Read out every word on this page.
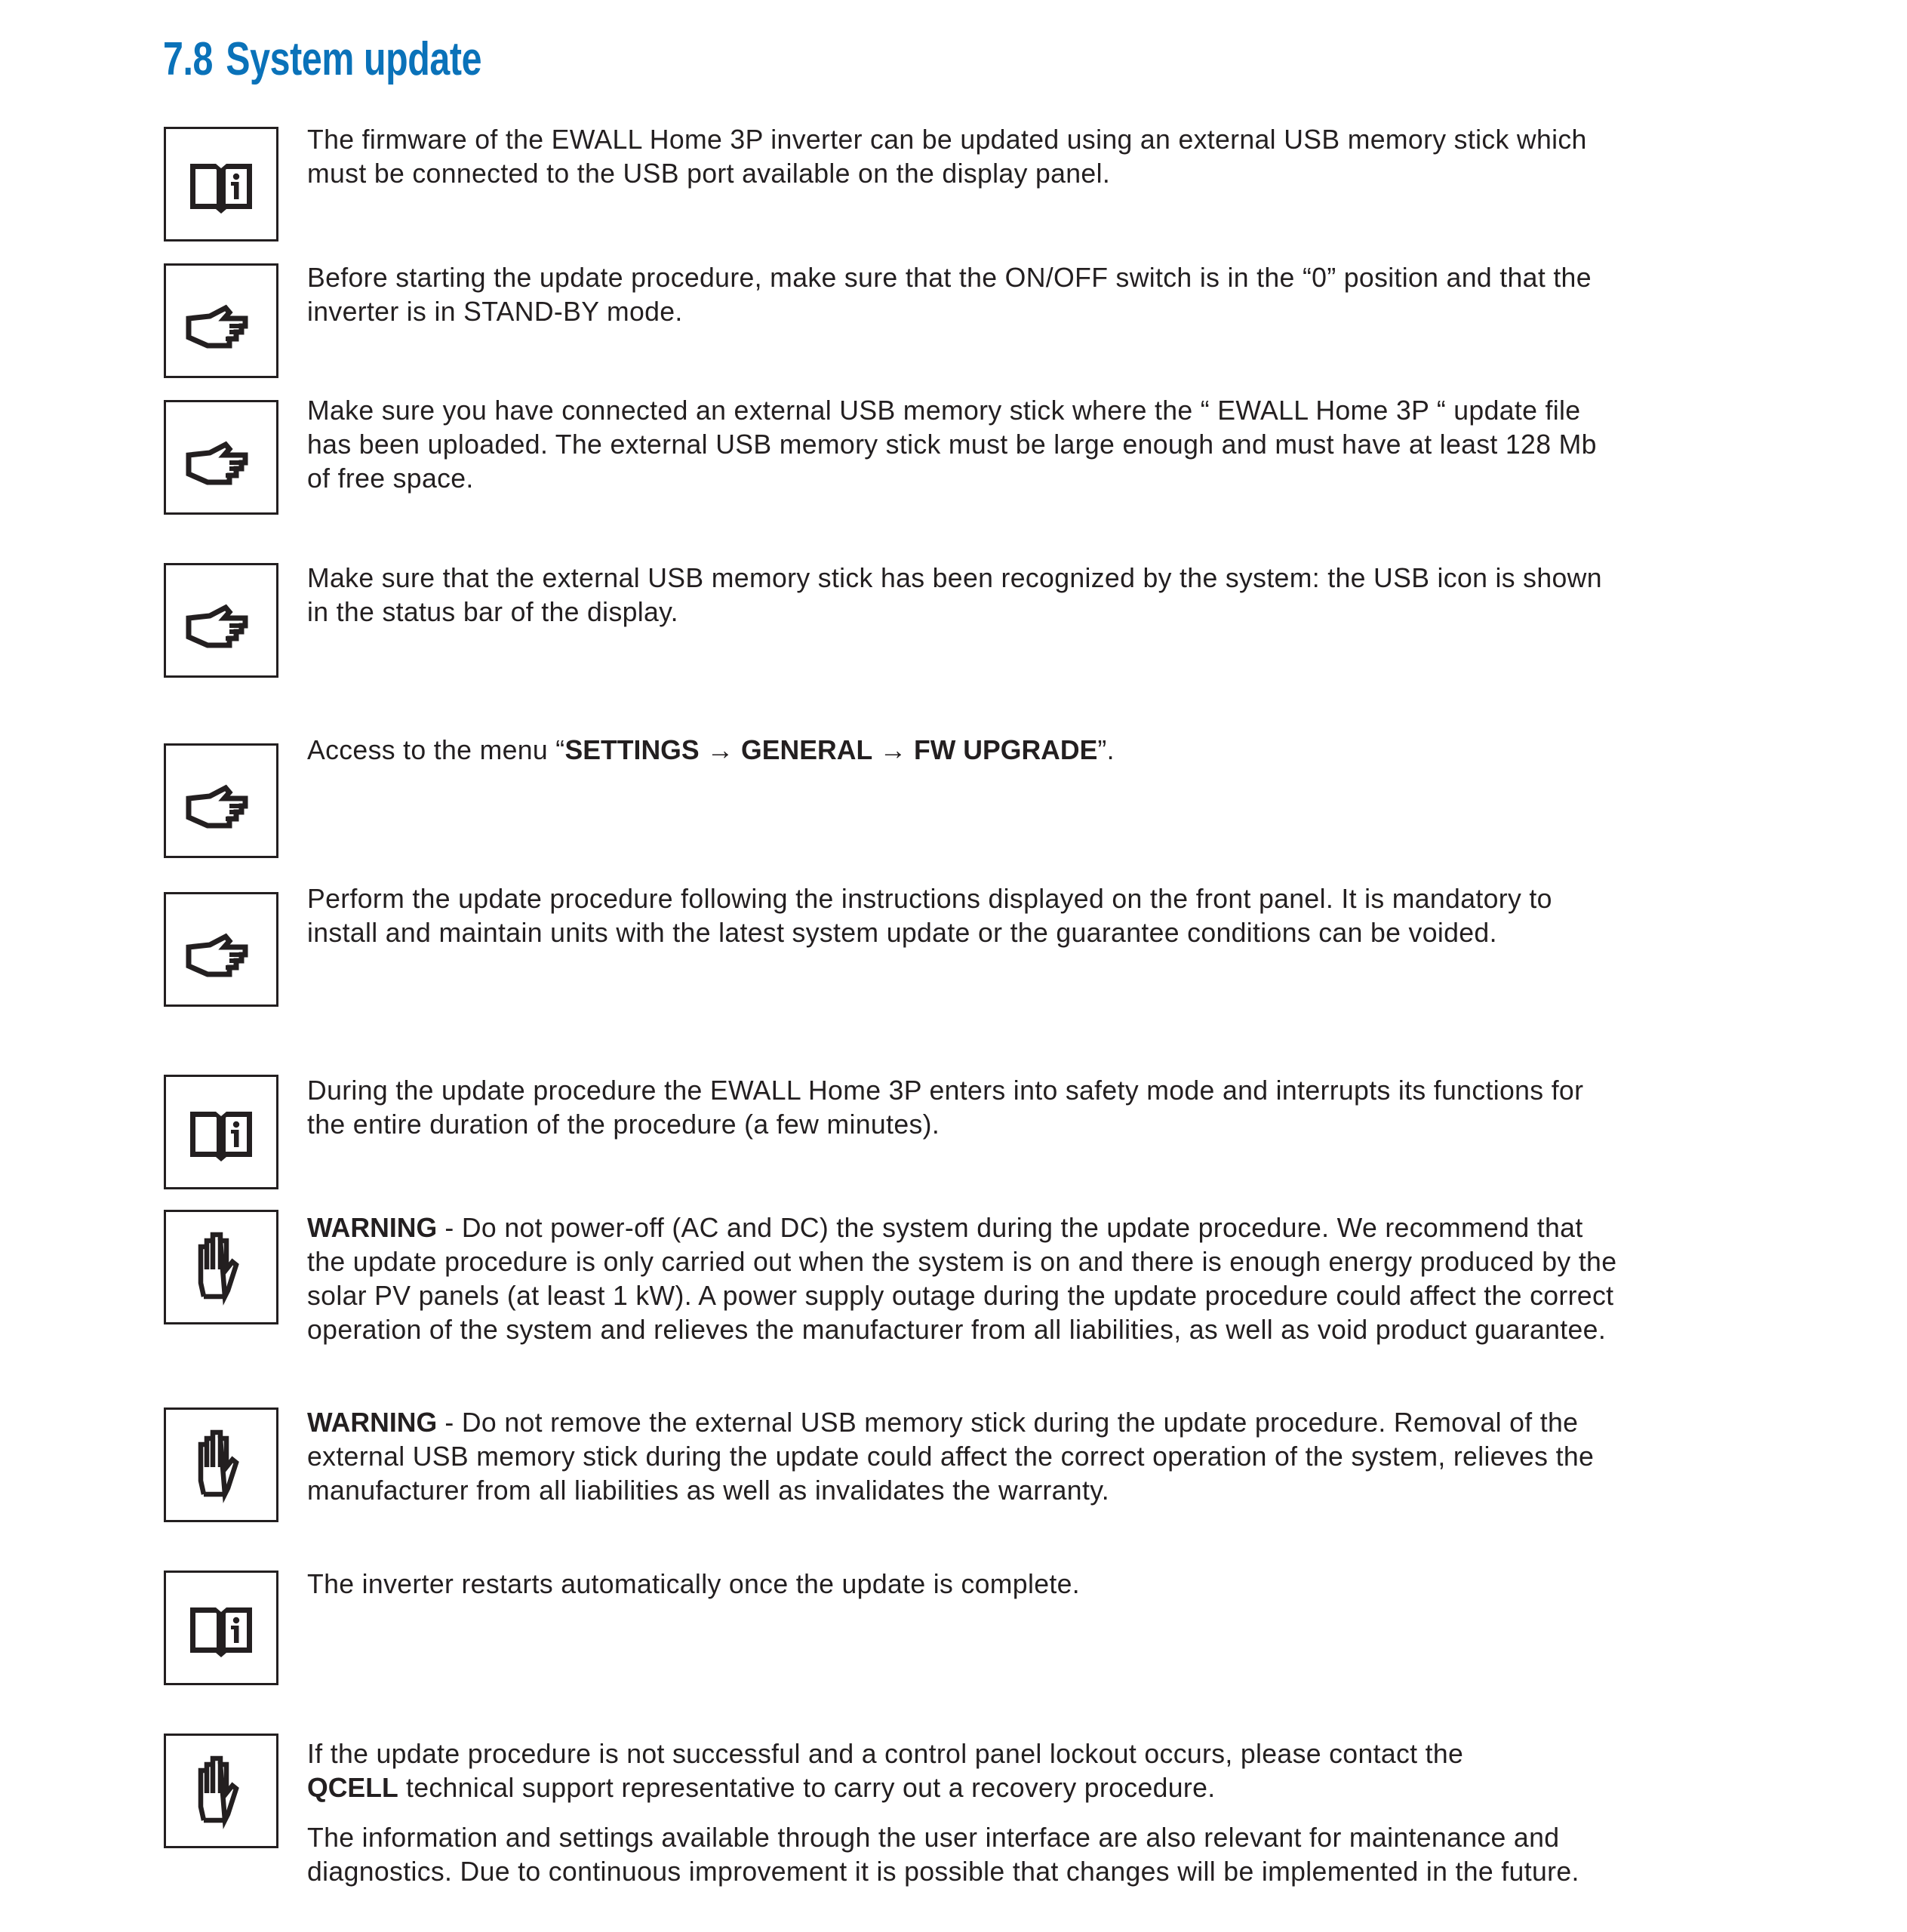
7.8 System update
The firmware of the EWALL Home 3P inverter can be updated using an external USB memory stick which
must be connected to the USB port available on the display panel.
Before starting the update procedure, make sure that the ON/OFF switch is in the “0” position and that the
inverter is in STAND-BY mode.
Make sure you have connected an external USB memory stick where the “ EWALL Home 3P “ update file
has been uploaded. The external USB memory stick must be large enough and must have at least 128 Mb
of free space.
Make sure that the external USB memory stick has been recognized by the system: the USB icon is shown
in the status bar of the display.
Access to the menu “SETTINGS → GENERAL → FW UPGRADE”.
Perform the update procedure following the instructions displayed on the front panel. It is mandatory to
install and maintain units with the latest system update or the guarantee conditions can be voided.
During the update procedure the EWALL Home 3P enters into safety mode and interrupts its functions for
the entire duration of the procedure (a few minutes).
WARNING - Do not power-off (AC and DC) the system during the update procedure. We recommend that
the update procedure is only carried out when the system is on and there is enough energy produced by the
solar PV panels (at least 1 kW). A power supply outage during the update procedure could affect the correct
operation of the system and relieves the manufacturer from all liabilities, as well as void product guarantee.
WARNING - Do not remove the external USB memory stick during the update procedure. Removal of the
external USB memory stick during the update could affect the correct operation of the system, relieves the
manufacturer from all liabilities as well as invalidates the warranty.
The inverter restarts automatically once the update is complete.
If the update procedure is not successful and a control panel lockout occurs, please contact the
QCELL technical support representative to carry out a recovery procedure.
The information and settings available through the user interface are also relevant for maintenance and
diagnostics. Due to continuous improvement it is possible that changes will be implemented in the future.
